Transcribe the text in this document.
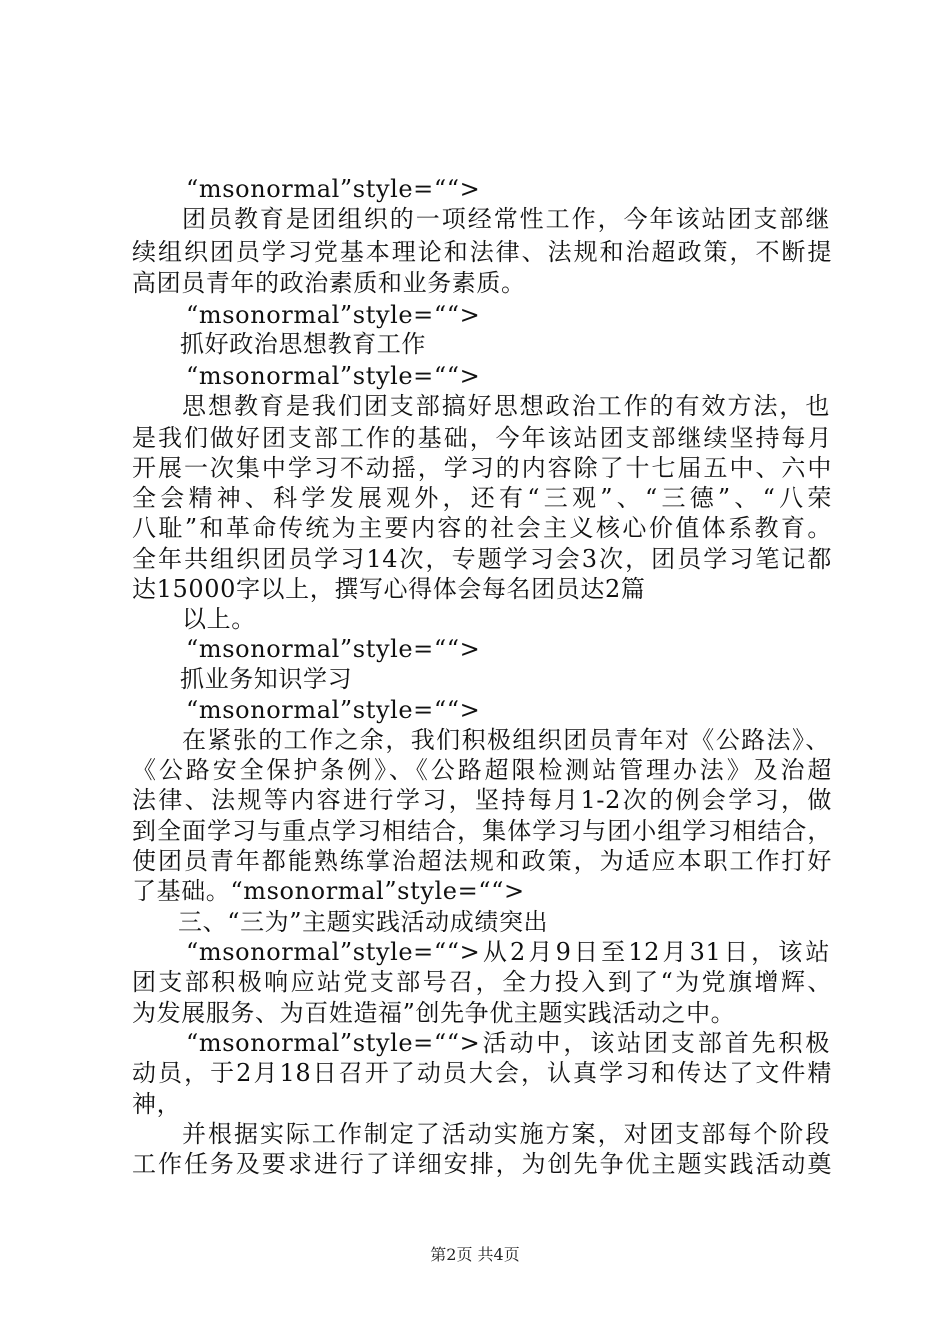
“msonormal”style=““>
团员教育是团组织的一项经常性工作，今年该站团支部继
续组织团员学习党基本理论和法律、法规和治超政策，不断提
高团员青年的政治素质和业务素质。
“msonormal”style=““>
抓好政治思想教育工作
“msonormal”style=““>
思想教育是我们团支部搞好思想政治工作的有效方法，也
是我们做好团支部工作的基础，今年该站团支部继续坚持每月
开展一次集中学习不动摇，学习的内容除了十七届五中、六中
全会精神、科学发展观外，还有“三观”、“三德”、“八荣
八耻”和革命传统为主要内容的社会主义核心价值体系教育。
全年共组织团员学习14次，专题学习会3次，团员学习笔记都
达15000字以上，撰写心得体会每名团员达2篇
以上。
“msonormal”style=““>
抓业务知识学习
“msonormal”style=““>
在紧张的工作之余，我们积极组织团员青年对《公路法》、
《公路安全保护条例》、《公路超限检测站管理办法》及治超
法律、法规等内容进行学习，坚持每月1-2次的例会学习，做
到全面学习与重点学习相结合，集体学习与团小组学习相结合，
使团员青年都能熟练掌治超法规和政策，为适应本职工作打好
了基础。“msonormal”style=““>
三、“三为”主题实践活动成绩突出
“msonormal”style=““>从2月9日至12月31日，该站
团支部积极响应站党支部号召，全力投入到了“为党旗增辉、
为发展服务、为百姓造福”创先争优主题实践活动之中。
“msonormal”style=““>活动中，该站团支部首先积极
动员，于2月18日召开了动员大会，认真学习和传达了文件精
神，
并根据实际工作制定了活动实施方案，对团支部每个阶段
工作任务及要求进行了详细安排，为创先争优主题实践活动奠
第2页 共4页
